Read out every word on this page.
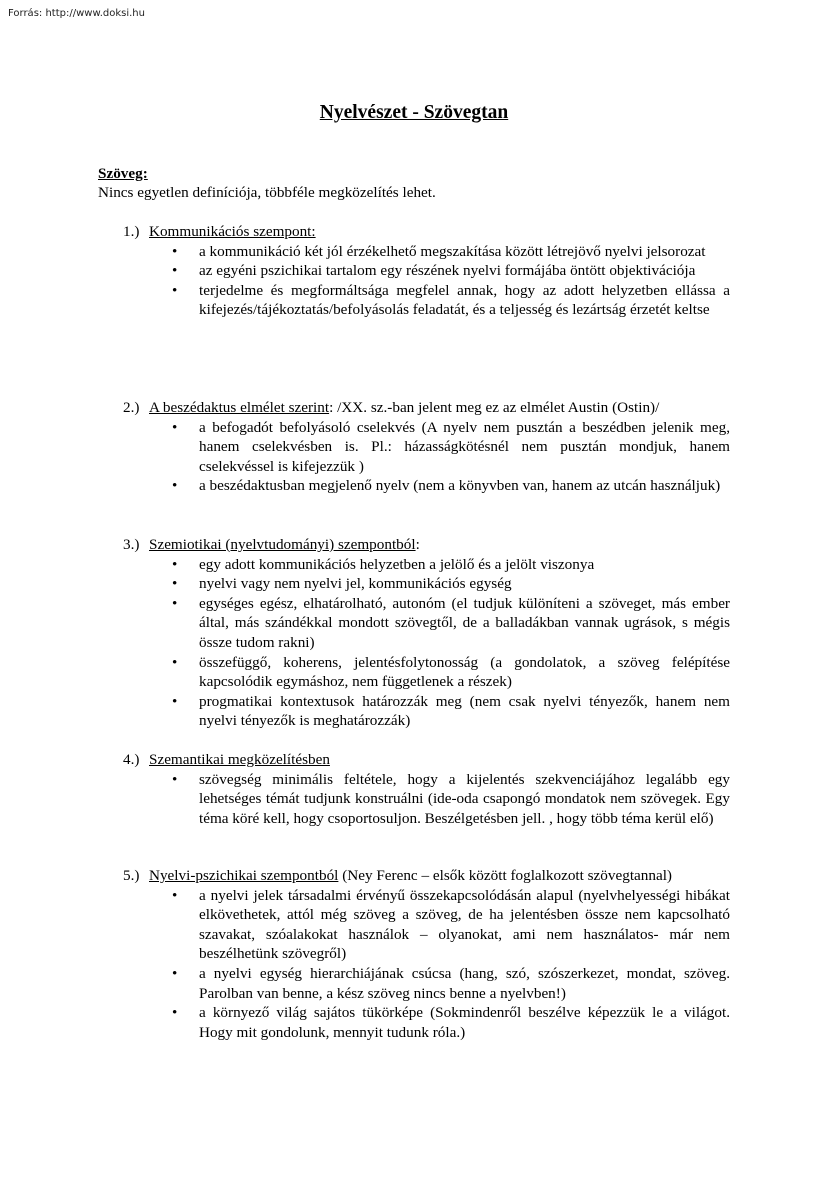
Forrás: http://www.doksi.hu
Nyelvészet - Szövegtan
Szöveg:
Nincs egyetlen definíciója, többféle megközelítés lehet.
1.) Kommunikációs szempont:
• a kommunikáció két jól érzékelhető megszakítása között létrejövő nyelvi jelsorozat
• az egyéni pszichikai tartalom egy részének nyelvi formájába öntött objektivációja
• terjedelme és megformáltsága megfelel annak, hogy az adott helyzetben ellássa a kifejezés/tájékoztatás/befolyásolás feladatát, és a teljesség és lezártság érzetét keltse
2.) A beszédaktus elmélet szerint: /XX. sz.-ban jelent meg ez az elmélet Austin (Ostin)/
• a befogadót befolyásoló cselekvés (A nyelv nem pusztán a beszédben jelenik meg, hanem cselekvésben is. Pl.: házasságkötésnél nem pusztán mondjuk, hanem cselekvéssel is kifejezzük )
• a beszédaktusban megjelenő nyelv (nem a könyvben van, hanem az utcán használjuk)
3.) Szemiotikai (nyelvtudományi) szempontból:
• egy adott kommunikációs helyzetben a jelölő és a jelölt viszonya
• nyelvi vagy nem nyelvi jel, kommunikációs egység
• egységes egész, elhatárolható, autonóm (el tudjuk különíteni a szöveget, más ember által, más szándékkal mondott szövegtől, de a balladákban vannak ugrások, s mégis össze tudom rakni)
• összefüggő, koherens, jelentésfolytonosság (a gondolatok, a szöveg felépítése kapcsolódik egymáshoz, nem függetlenek a részek)
• progmatikai kontextusok határozzák meg (nem csak nyelvi tényezők, hanem nem nyelvi tényezők is meghatározzák)
4.) Szemantikai megközelítésben
• szövegség minimális feltétele, hogy a kijelentés szekvenciájához legalább egy lehetséges témát tudjunk konstruálni (ide-oda csapongó mondatok nem szövegek. Egy téma köré kell, hogy csoportosuljon. Beszélgetésben jell. , hogy több téma kerül elő)
5.) Nyelvi-pszichikai szempontból (Ney Ferenc – elsők között foglalkozott szövegtannal)
• a nyelvi jelek társadalmi érvényű összekapcsolódásán alapul (nyelvhelyességi hibákat elkövethetek, attól még szöveg a szöveg, de ha jelentésben össze nem kapcsolható szavakat, szóalakokat használok – olyanokat, ami nem használatos- már nem beszélhetünk szövegről)
• a nyelvi egység hierarchiájának csúcsa (hang, szó, szószerkezet, mondat, szöveg. Parolban van benne, a kész szöveg nincs benne a nyelvben!)
• a környező világ sajátos tükörképe (Sokmindenről beszélve képezzük le a világot. Hogy mit gondolunk, mennyit tudunk róla.)
